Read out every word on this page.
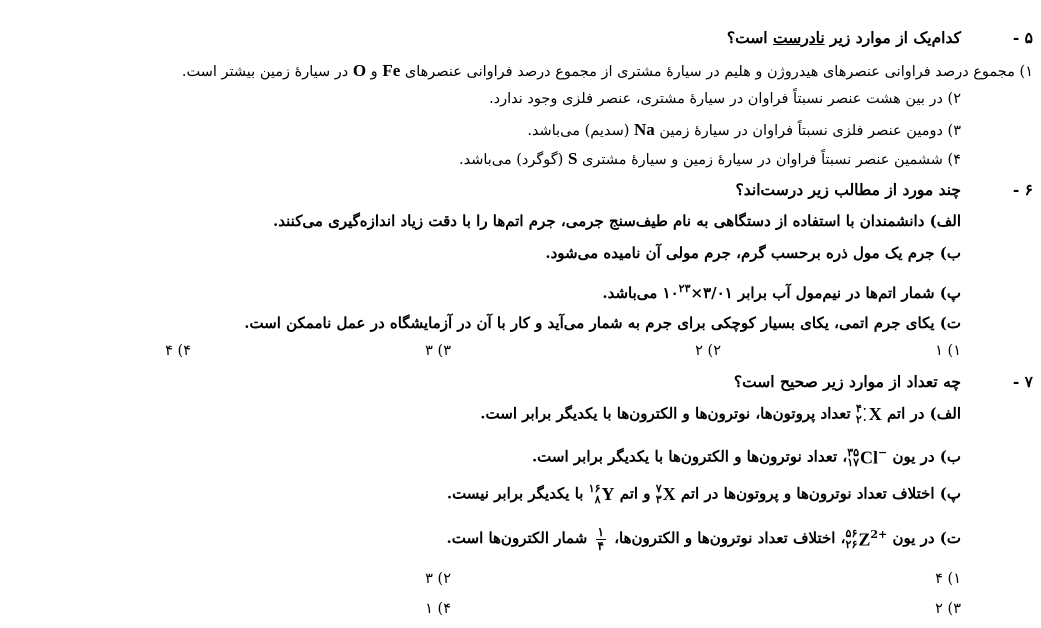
۵ -
کدام‌یک از موارد زیر نادرست است؟
۱) مجموع درصد فراوانی عنصرهای هیدروژن و هلیم در سیارهٔ مشتری از مجموع درصد فراوانی عنصرهای Fe و O در سیارهٔ زمین بیشتر است.
۲) در بین هشت عنصر نسبتاً فراوان در سیارهٔ مشتری، عنصر فلزی وجود ندارد.
۳) دومین عنصر فلزی نسبتاً فراوان در سیارهٔ زمین Na (سدیم) می‌باشد.
۴) ششمین عنصر نسبتاً فراوان در سیارهٔ زمین و سیارهٔ مشتری S (گوگرد) می‌باشد.
۶ -
چند مورد از مطالب زیر درست‌اند؟
الف) دانشمندان با استفاده از دستگاهی به نام طیف‌سنج جرمی، جرم اتم‌ها را با دقت زیاد اندازه‌گیری می‌کنند.
ب) جرم یک مول ذره برحسب گرم، جرم مولی آن نامیده می‌شود.
پ) شمار اتم‌ها در نیم‌مول آب برابر $۳/۰۱\times ۱۰^{۲۳}$ می‌باشد.
ت) یکای جرم اتمی، یکای بسیار کوچکی برای جرم به شمار می‌آید و کار با آن در آزمایشگاه در عمل ناممکن است.
۱) ۱
۲) ۲
۳) ۳
۴) ۴
۷ -
چه تعداد از موارد زیر صحیح است؟
الف) در اتم ۴۰
۲۰X تعداد پروتون‌ها، نوترون‌ها و الکترون‌ها با یکدیگر برابر است.
ب) در یون ۳۵
۱۷Cl−، تعداد نوترون‌ها و الکترون‌ها با یکدیگر برابر است.
پ) اختلاف تعداد نوترون‌ها و پروتون‌ها در اتم ۷
۳X و اتم ۱۶
۸Y با یکدیگر برابر نیست.
ت) در یون ۵۶
$۲۶Z^{2+}،$ اختلاف تعداد نوترون‌ها و الکترون‌ها،
$\frac{۱}{۴}$ شمار الکترون‌ها است.
۱) ۴
۲) ۳
۳) ۲
۴) ۱
